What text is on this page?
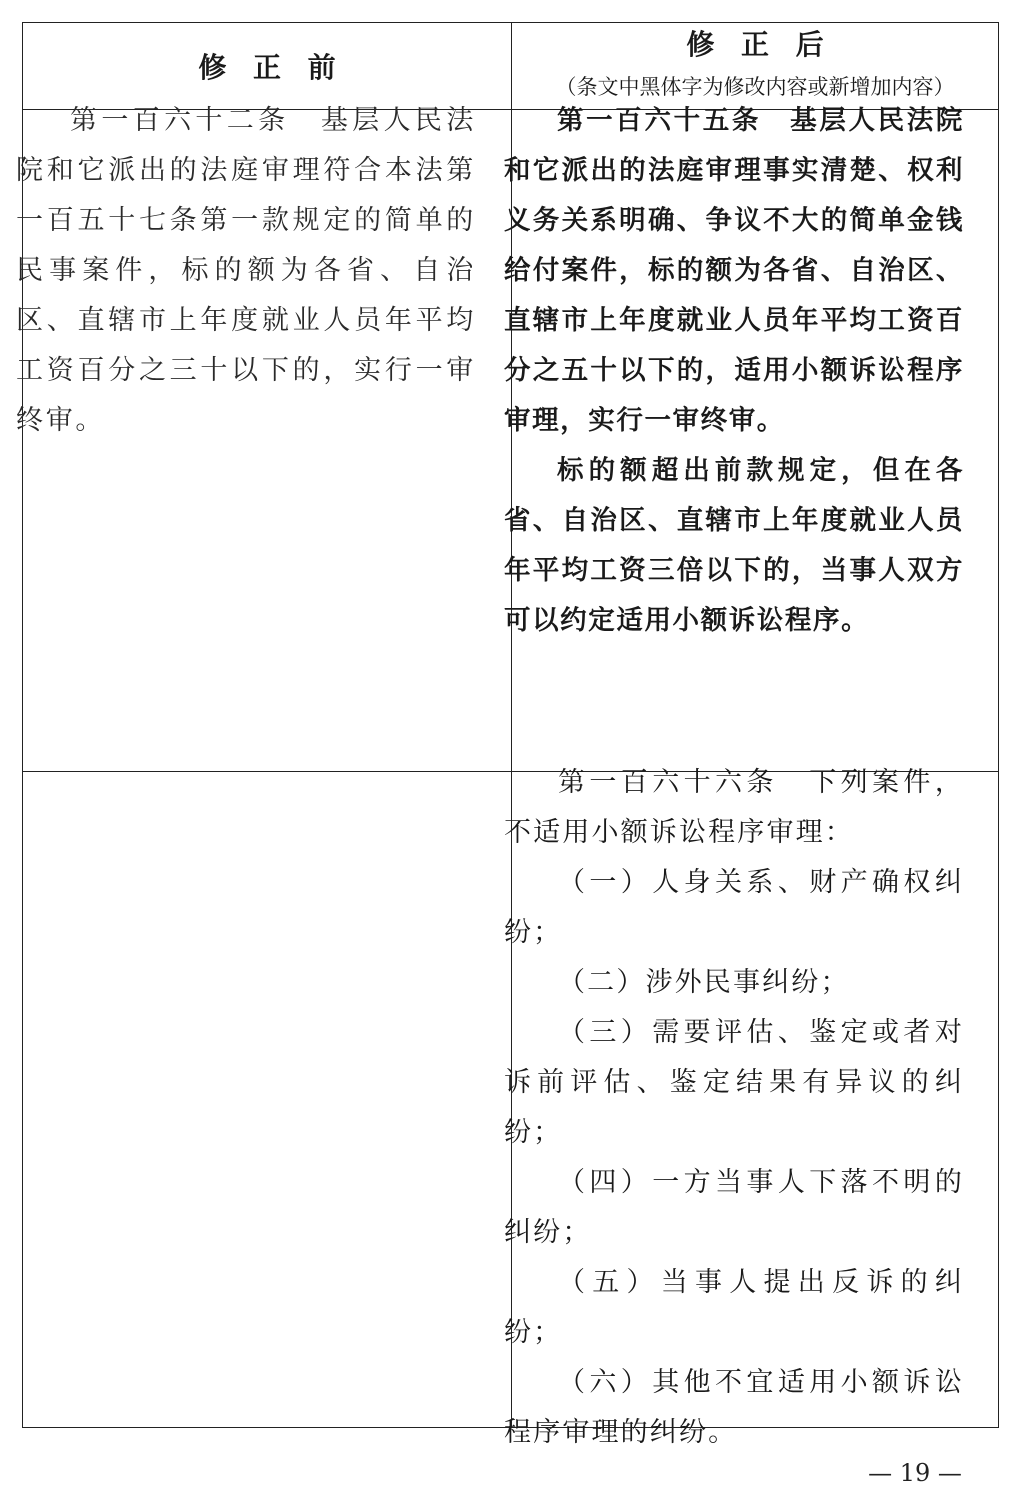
修正前
修正后
（条文中黑体字为修改内容或新增加内容）

第一百六十二条　基层人民法院和它派出的法庭审理符合本法第一百五十七条第一款规定的简单的民事案件，标的额为各省、自治区、直辖市上年度就业人员年平均工资百分之三十以下的，实行一审终审。

第一百六十五条　基层人民法院和它派出的法庭审理事实清楚、权利义务关系明确、争议不大的简单金钱给付案件，标的额为各省、自治区、直辖市上年度就业人员年平均工资百分之五十以下的，适用小额诉讼程序审理，实行一审终审。

标的额超出前款规定，但在各省、自治区、直辖市上年度就业人员年平均工资三倍以下的，当事人双方可以约定适用小额诉讼程序。

第一百六十六条　下列案件，不适用小额诉讼程序审理：

（一）人身关系、财产确权纠纷；

（二）涉外民事纠纷；

（三）需要评估、鉴定或者对诉前评估、鉴定结果有异议的纠纷；

（四）一方当事人下落不明的纠纷；

（五）当事人提出反诉的纠纷；

（六）其他不宜适用小额诉讼程序审理的纠纷。

— 19 —
